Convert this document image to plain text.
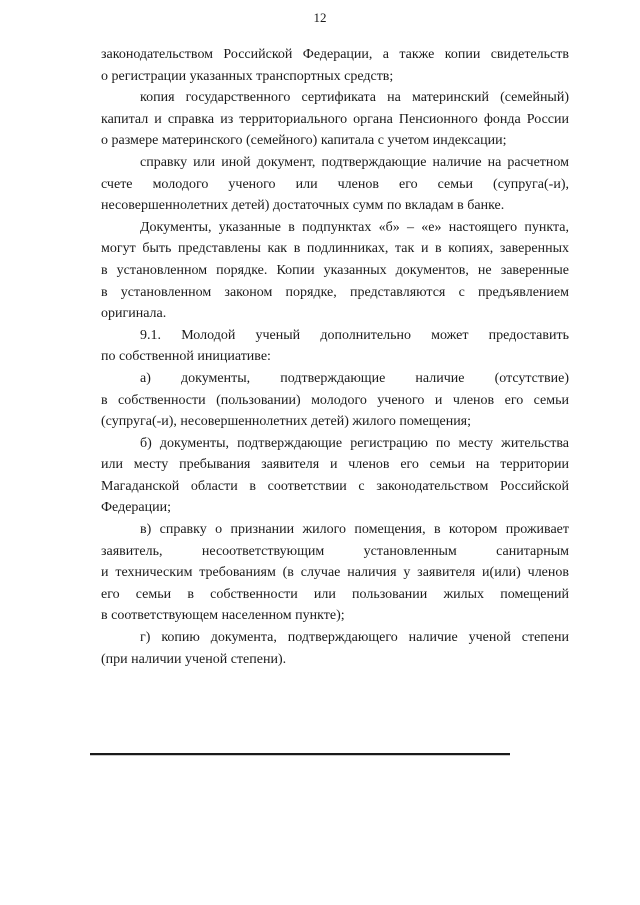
12

законодательством Российской Федерации, а также копии свидетельств

о регистрации указанных транспортных средств;

копия государственного сертификата на материнский (семейный)

капитал и справка из территориального органа Пенсионного фонда России

о размере материнского (семейного) капитала с учетом индексации;

справку или иной документ, подтверждающие наличие на расчетном

счете молодого ученого или членов его семьи (супруга(-и),

несовершеннолетних детей) достаточных сумм по вкладам в банке.

Документы, указанные в подпунктах «б» – «е» настоящего пункта,

могут быть представлены как в подлинниках, так и в копиях, заверенных

в установленном порядке. Копии указанных документов, не заверенные

в установленном законом порядке, представляются с предъявлением

оригинала.

9.1. Молодой ученый дополнительно может предоставить

по собственной инициативе:

а) документы, подтверждающие наличие (отсутствие)

в собственности (пользовании) молодого ученого и членов его семьи

(супруга(-и), несовершеннолетних детей) жилого помещения;

б) документы, подтверждающие регистрацию по месту жительства

или месту пребывания заявителя и членов его семьи на территории

Магаданской области в соответствии с законодательством Российской

Федерации;

в) справку о признании жилого помещения, в котором проживает

заявитель, несоответствующим установленным санитарным

и техническим требованиям (в случае наличия у заявителя и(или) членов

его семьи в собственности или пользовании жилых помещений

в соответствующем населенном пункте);

г) копию документа, подтверждающего наличие ученой степени

(при наличии ученой степени).
